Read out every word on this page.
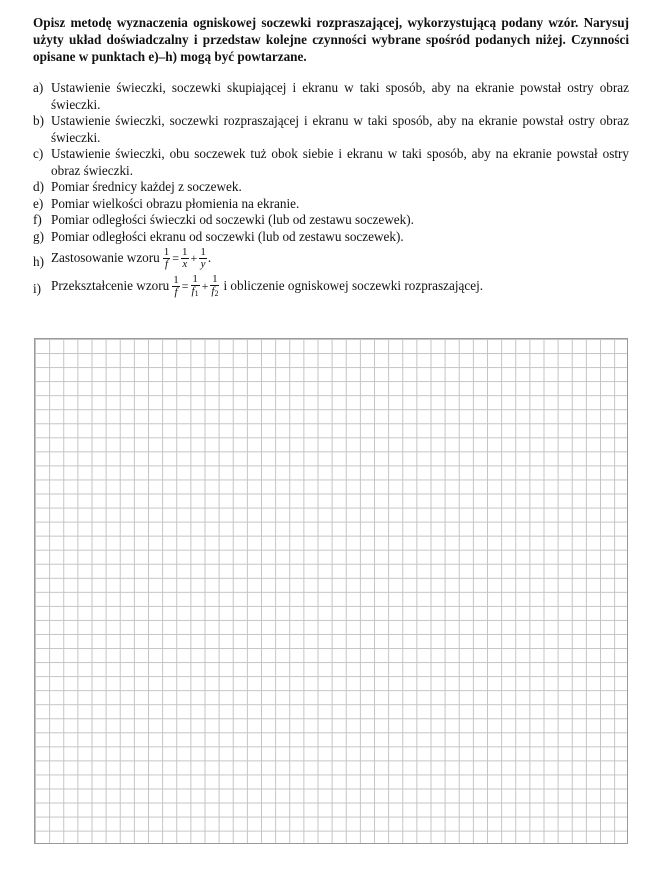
Opisz metodę wyznaczenia ogniskowej soczewki rozpraszającej, wykorzystującą podany wzór. Narysuj użyty układ doświadczalny i przedstaw kolejne czynności wybrane spośród podanych niżej. Czynności opisane w punktach e)–h) mogą być powtarzane.
a) Ustawienie świeczki, soczewki skupiającej i ekranu w taki sposób, aby na ekranie powstał ostry obraz świeczki.
b) Ustawienie świeczki, soczewki rozpraszającej i ekranu w taki sposób, aby na ekranie powstał ostry obraz świeczki.
c) Ustawienie świeczki, obu soczewek tuż obok siebie i ekranu w taki sposób, aby na ekranie powstał ostry obraz świeczki.
d) Pomiar średnicy każdej z soczewek.
e) Pomiar wielkości obrazu płomienia na ekranie.
f) Pomiar odległości świeczki od soczewki (lub od zestawu soczewek).
g) Pomiar odległości ekranu od soczewki (lub od zestawu soczewek).
h) Zastosowanie wzoru $\frac{1}{f} = \frac{1}{x} + \frac{1}{y}$ .
i) Przekształcenie wzoru $\frac{1}{f} = \frac{1}{f_1} + \frac{1}{f_2}$ i obliczenie ogniskowej soczewki rozpraszającej.
